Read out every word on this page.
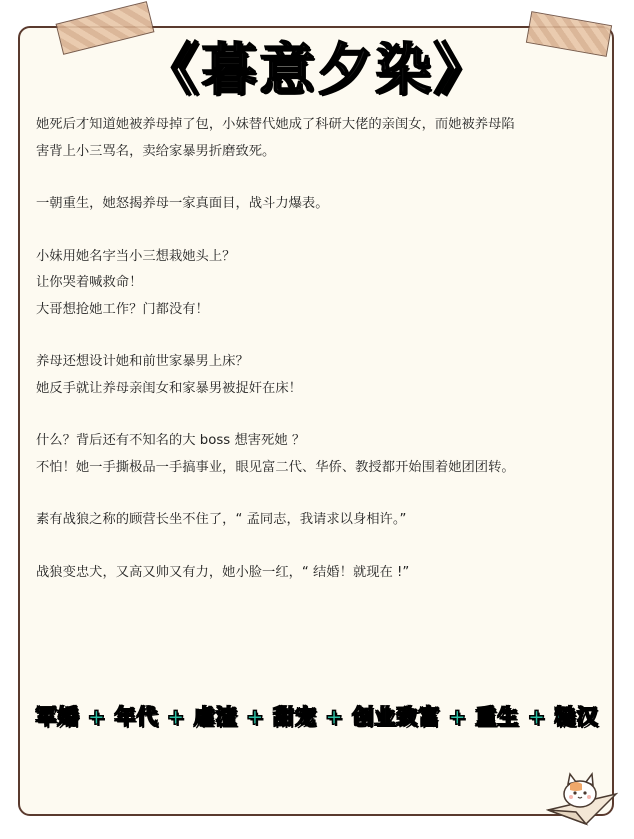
《暮意夕染》
她死后才知道她被养母掉了包，小妹替代她成了科研大佬的亲闺女，而她被养母陷
害背上小三骂名，卖给家暴男折磨致死。
一朝重生，她怒揭养母一家真面目，战斗力爆表。
小妹用她名字当小三想栽她头上？
让你哭着喊救命！
大哥想抢她工作？门都没有！
养母还想设计她和前世家暴男上床？
她反手就让养母亲闺女和家暴男被捉奸在床！
什么？背后还有不知名的大 boss 想害死她 ？
不怕！她一手撕极品一手搞事业，眼见富二代、华侨、教授都开始围着她团团转。
素有战狼之称的顾营长坐不住了，“ 孟同志，我请求以身相许。”
战狼变忠犬，又高又帅又有力，她小脸一红，“ 结婚！就现在 !”
军婚 + 年代 + 虐渣 + 甜宠 + 创业致富 + 重生 + 糙汉
